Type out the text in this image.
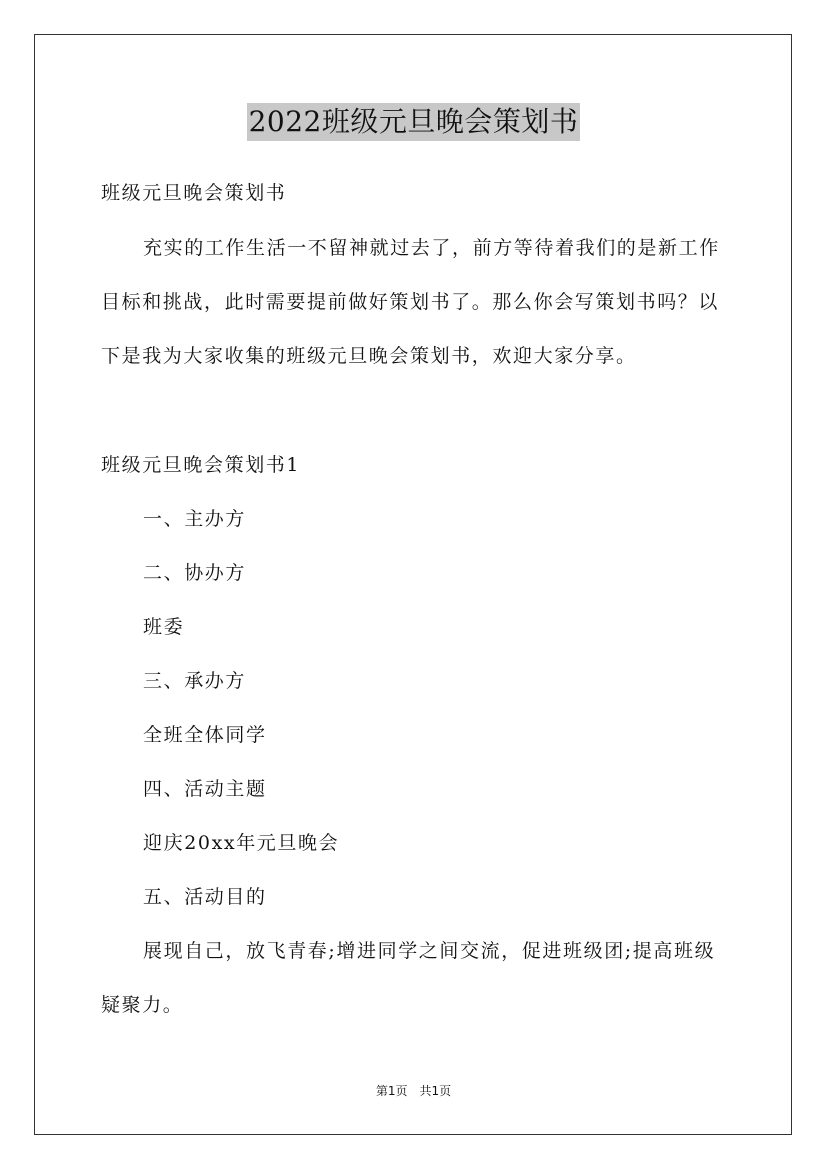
2022班级元旦晚会策划书
班级元旦晚会策划书
充实的工作生活一不留神就过去了，前方等待着我们的是新工作
目标和挑战，此时需要提前做好策划书了。那么你会写策划书吗？以
下是我为大家收集的班级元旦晚会策划书，欢迎大家分享。
班级元旦晚会策划书1
一、主办方
二、协办方
班委
三、承办方
全班全体同学
四、活动主题
迎庆20xx年元旦晚会
五、活动目的
展现自己，放飞青春;增进同学之间交流，促进班级团;提高班级
疑聚力。
第1页 共1页
